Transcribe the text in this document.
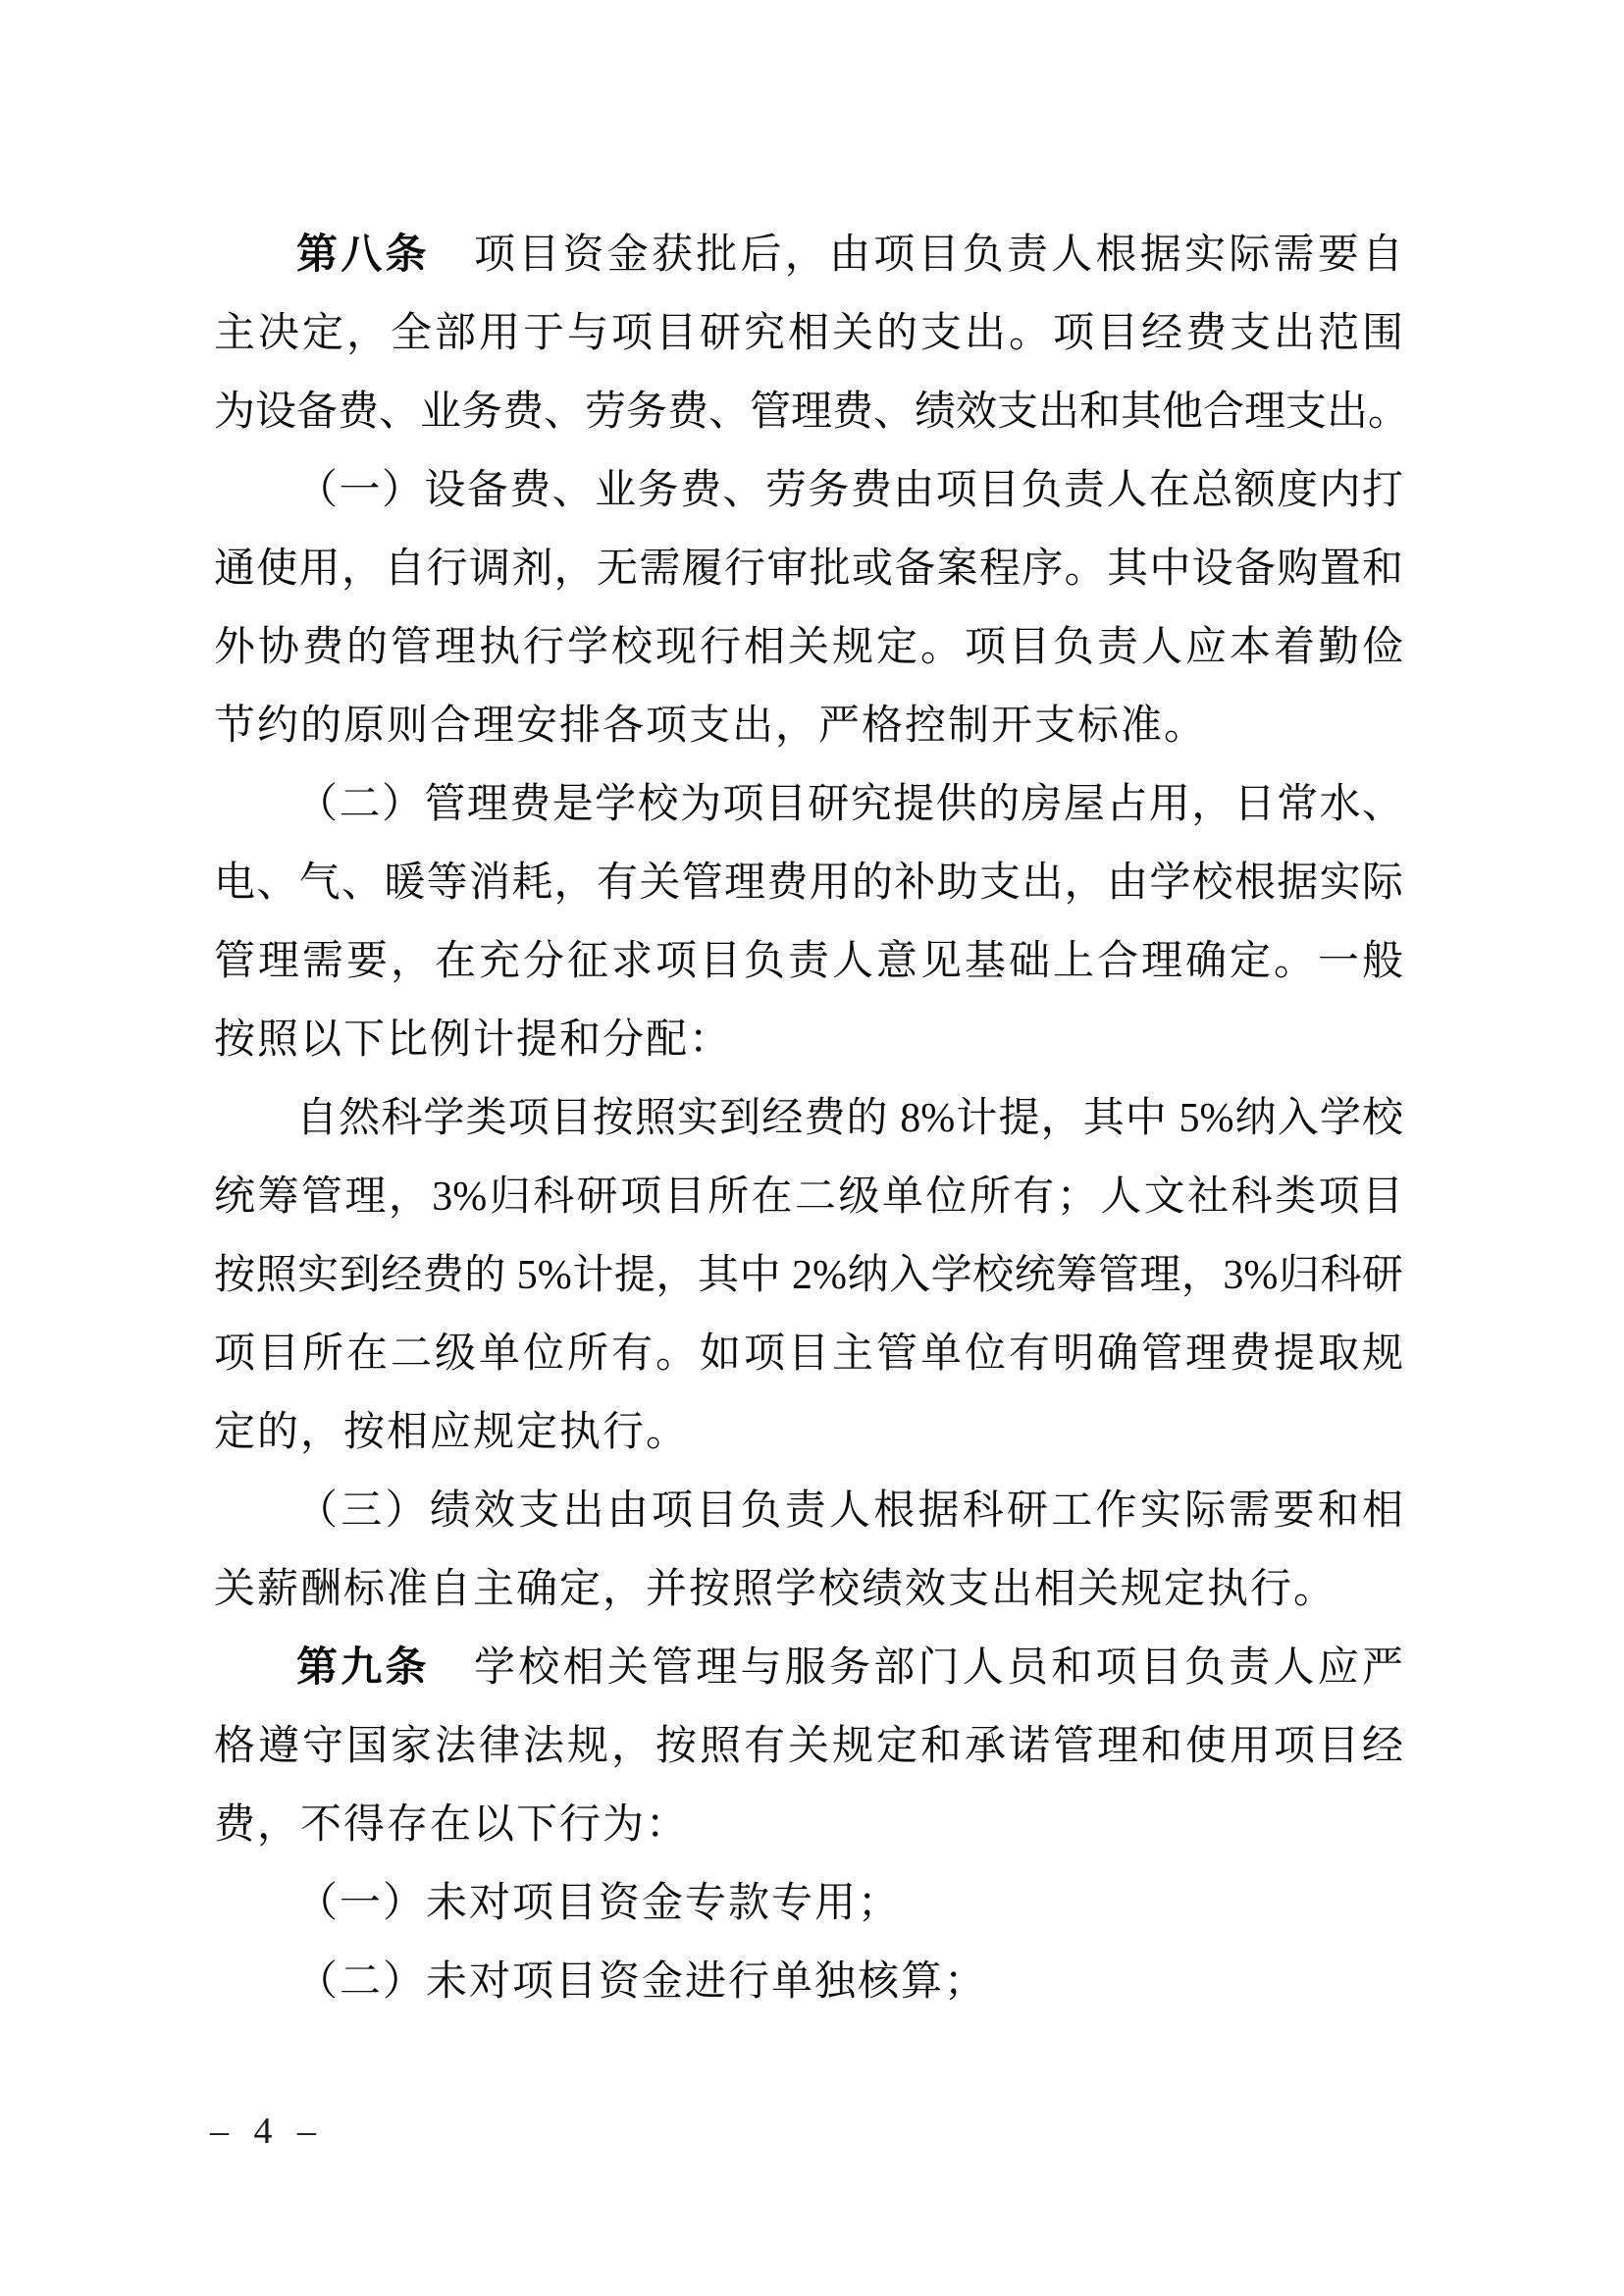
第八条　项目资金获批后，由项目负责人根据实际需要自
主决定，全部用于与项目研究相关的支出。项目经费支出范围
为设备费、业务费、劳务费、管理费、绩效支出和其他合理支出。
（一）设备费、业务费、劳务费由项目负责人在总额度内打
通使用，自行调剂，无需履行审批或备案程序。其中设备购置和
外协费的管理执行学校现行相关规定。项目负责人应本着勤俭
节约的原则合理安排各项支出，严格控制开支标准。
（二）管理费是学校为项目研究提供的房屋占用，日常水、
电、气、暖等消耗，有关管理费用的补助支出，由学校根据实际
管理需要，在充分征求项目负责人意见基础上合理确定。一般
按照以下比例计提和分配：
自然科学类项目按照实到经费的 8%计提，其中 5%纳入学校
统筹管理，3%归科研项目所在二级单位所有；人文社科类项目
按照实到经费的 5%计提，其中 2%纳入学校统筹管理，3%归科研
项目所在二级单位所有。如项目主管单位有明确管理费提取规
定的，按相应规定执行。
（三）绩效支出由项目负责人根据科研工作实际需要和相
关薪酬标准自主确定，并按照学校绩效支出相关规定执行。
第九条　学校相关管理与服务部门人员和项目负责人应严
格遵守国家法律法规，按照有关规定和承诺管理和使用项目经
费，不得存在以下行为：
（一）未对项目资金专款专用；
（二）未对项目资金进行单独核算；
– 4 –
